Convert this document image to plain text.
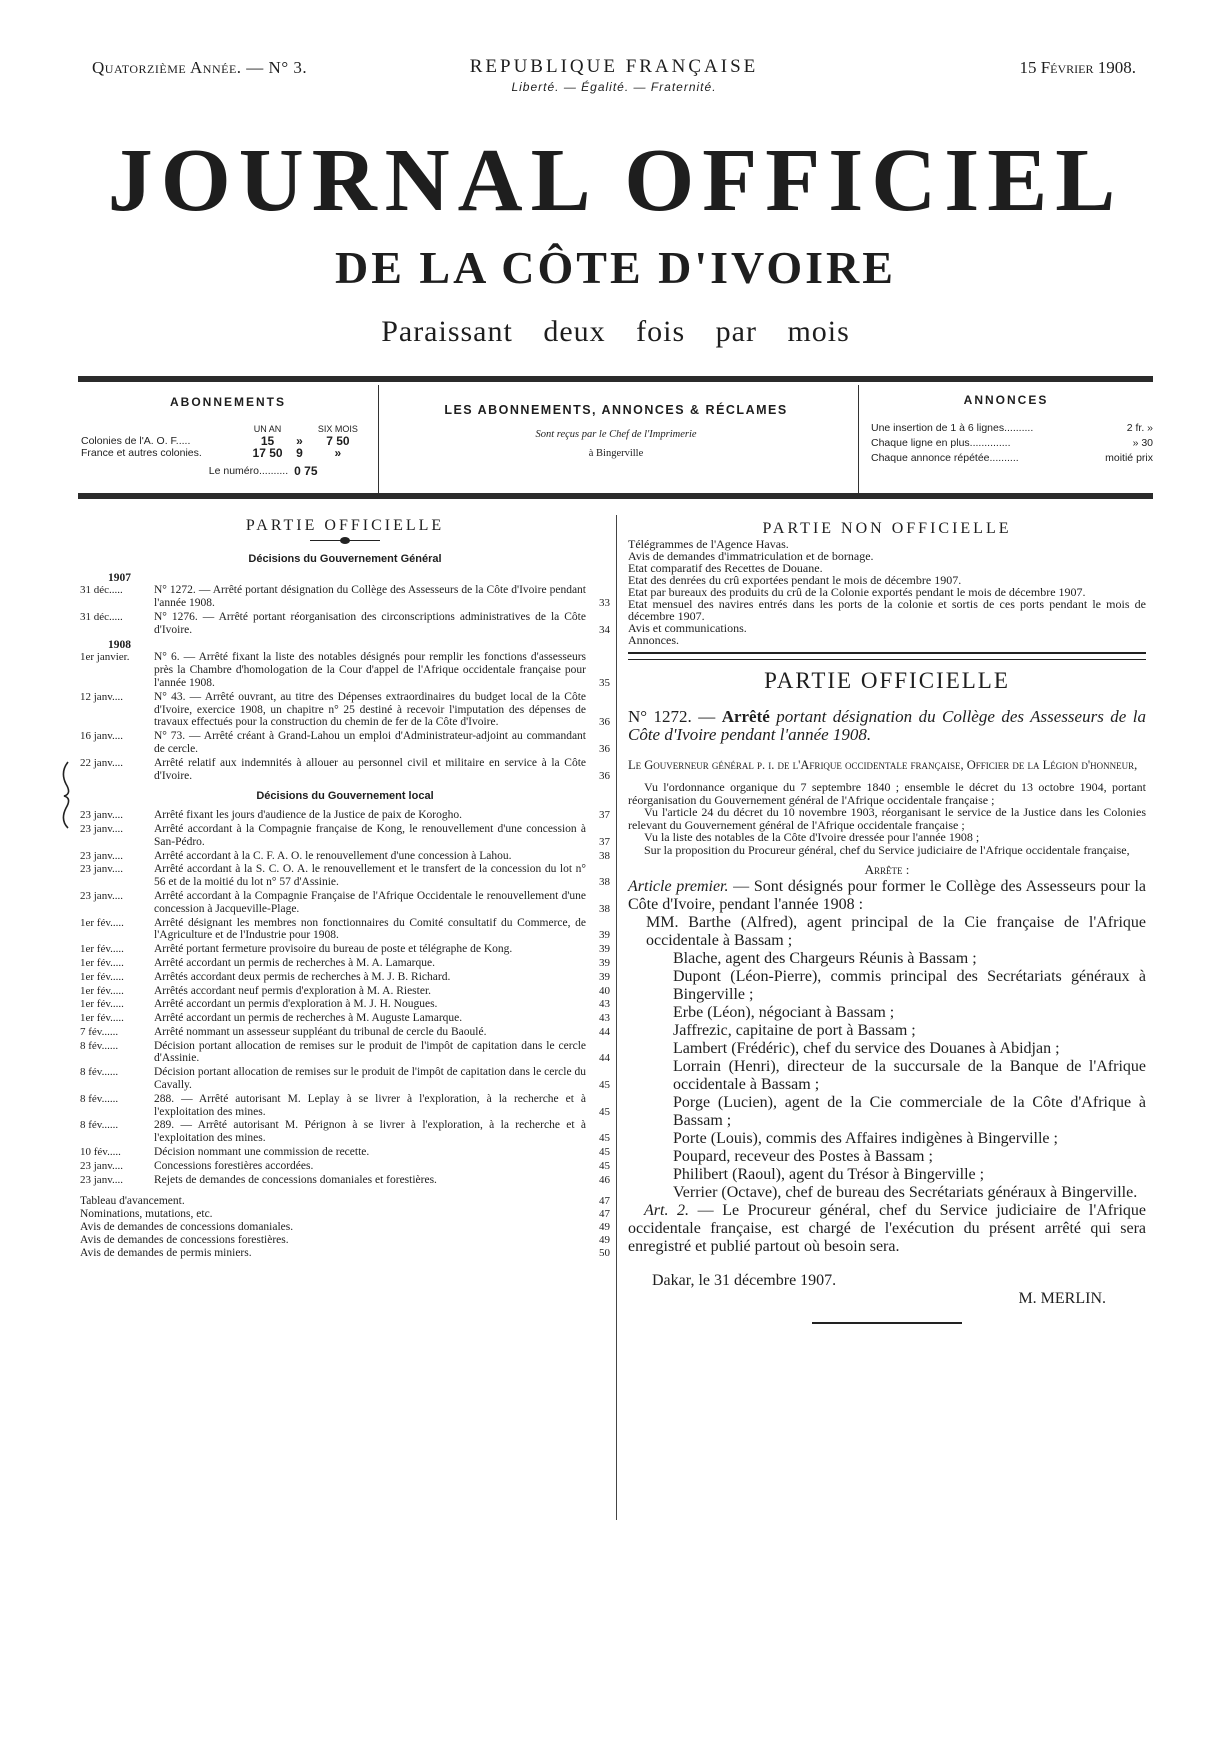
Quatorzième Année. — N° 3.	REPUBLIQUE FRANÇAISE
Liberté. — Égalité. — Fraternité.
15 Février 1908.
JOURNAL OFFICIEL
DE LA CÔTE D'IVOIRE
Paraissant deux fois par mois
ABONNEMENTS
	UN AN		SIX MOIS
Colonies de l'A. O. F.....	15	»	7 50
France et autres colonies.	17 50	9	»

Le numéro..........		0 75	
LES ABONNEMENTS, ANNONCES & RÉCLAMES
Sont reçus par le Chef de l'Imprimerie
à Bingerville
ANNONCES
Une insertion de 1 à 6 lignes..........	2 fr. »
Chaque ligne en plus..............	» 30
Chaque annonce répétée..........	moitié prix
PARTIE OFFICIELLE
Décisions du Gouvernement Général
1907
31 déc.....	N° 1272. — Arrêté portant désignation du Collège des Assesseurs de la Côte d'Ivoire pendant l'année 1908.	33
31 déc.....	N° 1276. — Arrêté portant réorganisation des circonscriptions administratives de la Côte d'Ivoire.	34
1908
1er janvier.	N° 6. — Arrêté fixant la liste des notables désignés pour remplir les fonctions d'assesseurs près la Chambre d'homologation de la Cour d'appel de l'Afrique occidentale française pour l'année 1908.	35
12 janv....	N° 43. — Arrêté ouvrant, au titre des Dépenses extraordinaires du budget local de la Côte d'Ivoire, exercice 1908, un chapitre n° 25 destiné à recevoir l'imputation des dépenses de travaux effectués pour la construction du chemin de fer de la Côte d'Ivoire.	36
16 janv....	N° 73. — Arrêté créant à Grand-Lahou un emploi d'Administrateur-adjoint au commandant de cercle.	36
22 janv....	Arrêté relatif aux indemnités à allouer au personnel civil et militaire en service à la Côte d'Ivoire.	36
Décisions du Gouvernement local
23 janv....	Arrêté fixant les jours d'audience de la Justice de paix de Korogho.	37
23 janv....	Arrêté accordant à la Compagnie française de Kong, le renouvellement d'une concession à San-Pédro.	37
23 janv....	Arrêté accordant à la C. F. A. O. le renouvellement d'une concession à Lahou.	38
23 janv....	Arrêté accordant à la S. C. O. A. le renouvellement et le transfert de la concession du lot n° 56 et de la moitié du lot n° 57 d'Assinie.	38
23 janv....	Arrêté accordant à la Compagnie Française de l'Afrique Occidentale le renouvellement d'une concession à Jacqueville-Plage.	38
1er fév.....	Arrêté désignant les membres non fonctionnaires du Comité consultatif du Commerce, de l'Agriculture et de l'Industrie pour 1908.	39
1er fév.....	Arrêté portant fermeture provisoire du bureau de poste et télégraphe de Kong.	39
1er fév.....	Arrêté accordant un permis de recherches à M. A. Lamarque.	39
1er fév.....	Arrêtés accordant deux permis de recherches à M. J. B. Richard.	39
1er fév.....	Arrêtés accordant neuf permis d'exploration à M. A. Riester.	40
1er fév.....	Arrêté accordant un permis d'exploration à M. J. H. Nougues.	43
1er fév.....	Arrêté accordant un permis de recherches à M. Auguste Lamarque.	43
7 fév......	Arrêté nommant un assesseur suppléant du tribunal de cercle du Baoulé.	44
8 fév......	Décision portant allocation de remises sur le produit de l'impôt de capitation dans le cercle d'Assinie.	44
8 fév......	Décision portant allocation de remises sur le produit de l'impôt de capitation dans le cercle du Cavally.	45
8 fév......	288. — Arrêté autorisant M. Leplay à se livrer à l'exploration, à la recherche et à l'exploitation des mines.	45
8 fév......	289. — Arrêté autorisant M. Pérignon à se livrer à l'exploration, à la recherche et à l'exploitation des mines.	45
10 fév.....	Décision nommant une commission de recette.	45
23 janv....	Concessions forestières accordées.	45
23 janv....	Rejets de demandes de concessions domaniales et forestières.	46
Tableau d'avancement.	47
Nominations, mutations, etc.	47
Avis de demandes de concessions domaniales.	49
Avis de demandes de concessions forestières.	49
Avis de demandes de permis miniers.	50
PARTIE NON OFFICIELLE
Télégrammes de l'Agence Havas.
Avis de demandes d'immatriculation et de bornage.
Etat comparatif des Recettes de Douane.
Etat des denrées du crû exportées pendant le mois de décembre 1907.
Etat par bureaux des produits du crû de la Colonie exportés pendant le mois de décembre 1907.
Etat mensuel des navires entrés dans les ports de la colonie et sortis de ces ports pendant le mois de décembre 1907.
Avis et communications.
Annonces.
PARTIE OFFICIELLE
N° 1272. — Arrêté portant désignation du Collège des Assesseurs de la Côte d'Ivoire pendant l'année 1908.
Le Gouverneur général p. i. de l'Afrique occidentale française, Officier de la Légion d'honneur,

Vu l'ordonnance organique du 7 septembre 1840 ; ensemble le décret du 13 octobre 1904, portant réorganisation du Gouvernement général de l'Afrique occidentale française ;

Vu l'article 24 du décret du 10 novembre 1903, réorganisant le service de la Justice dans les Colonies relevant du Gouvernement général de l'Afrique occidentale française ;

Vu la liste des notables de la Côte d'Ivoire dressée pour l'année 1908 ;

Sur la proposition du Procureur général, chef du Service judiciaire de l'Afrique occidentale française,

Arrête :
Article premier. — Sont désignés pour former le Collège des Assesseurs pour la Côte d'Ivoire, pendant l'année 1908 :
MM. Barthe (Alfred), agent principal de la Cie française de l'Afrique occidentale à Bassam ;
Blache, agent des Chargeurs Réunis à Bassam ;
Dupont (Léon-Pierre), commis principal des Secrétariats généraux à Bingerville ;
Erbe (Léon), négociant à Bassam ;
Jaffrezic, capitaine de port à Bassam ;
Lambert (Frédéric), chef du service des Douanes à Abidjan ;
Lorrain (Henri), directeur de la succursale de la Banque de l'Afrique occidentale à Bassam ;
Porge (Lucien), agent de la Cie commerciale de la Côte d'Afrique à Bassam ;
Porte (Louis), commis des Affaires indigènes à Bingerville ;
Poupard, receveur des Postes à Bassam ;
Philibert (Raoul), agent du Trésor à Bingerville ;
Verrier (Octave), chef de bureau des Secrétariats généraux à Bingerville.
Art. 2. — Le Procureur général, chef du Service judiciaire de l'Afrique occidentale française, est chargé de l'exécution du présent arrêté qui sera enregistré et publié partout où besoin sera.
Dakar, le 31 décembre 1907.
M. MERLIN.
